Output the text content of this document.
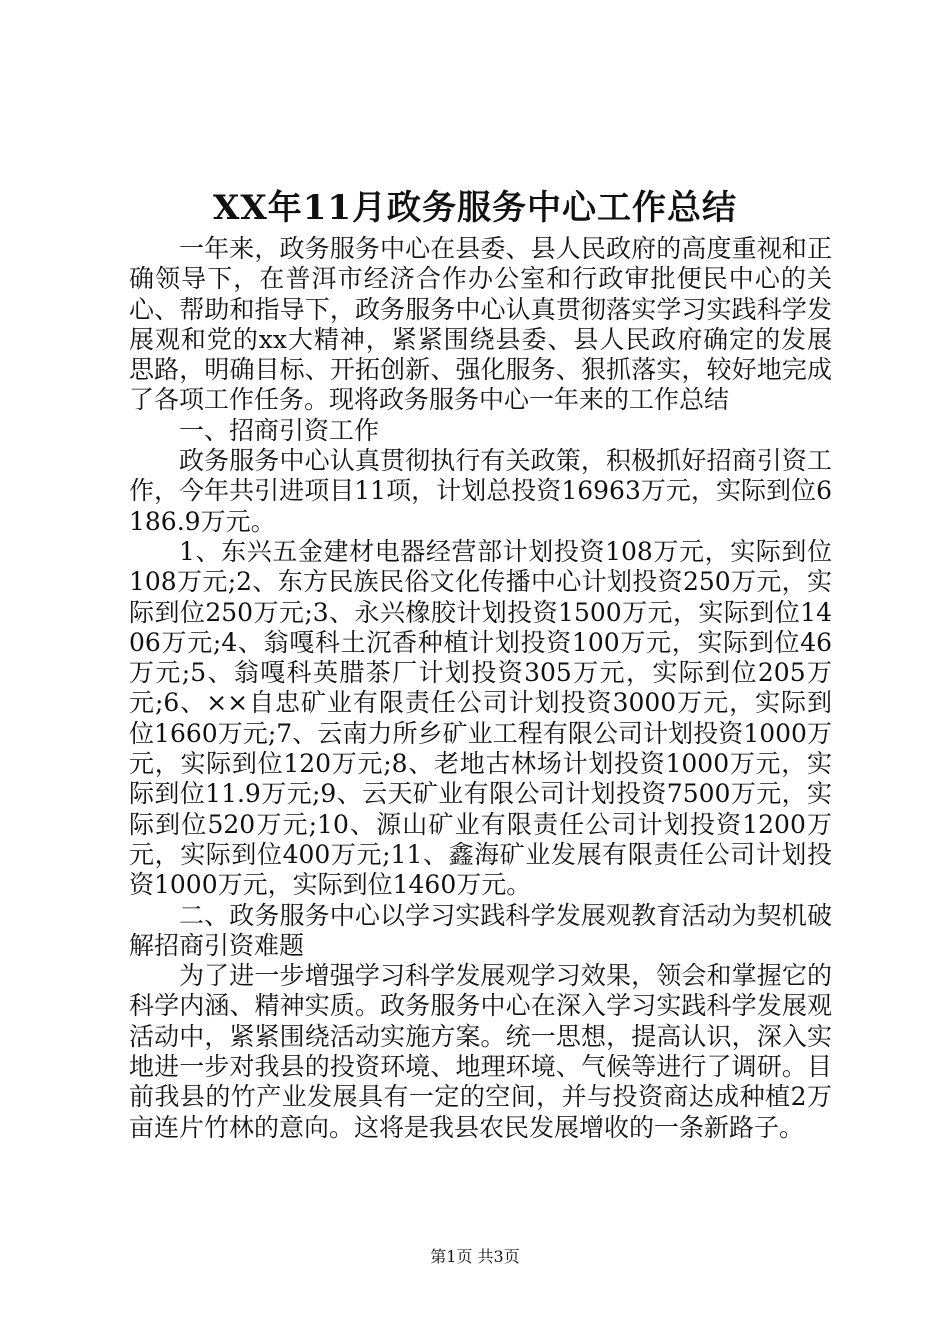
XX年11月政务服务中心工作总结

一年来，政务服务中心在县委、县人民政府的高度重视和正确领导下，在普洱市经济合作办公室和行政审批便民中心的关心、帮助和指导下，政务服务中心认真贯彻落实学习实践科学发展观和党的xx大精神，紧紧围绕县委、县人民政府确定的发展思路，明确目标、开拓创新、强化服务、狠抓落实，较好地完成了各项工作任务。现将政务服务中心一年来的工作总结

一、招商引资工作

政务服务中心认真贯彻执行有关政策，积极抓好招商引资工作，今年共引进项目11项，计划总投资16963万元，实际到位6186.9万元。

1、东兴五金建材电器经营部计划投资108万元，实际到位108万元;2、东方民族民俗文化传播中心计划投资250万元，实际到位250万元;3、永兴橡胶计划投资1500万元，实际到位1406万元;4、翁嘎科土沉香种植计划投资100万元，实际到位46万元;5、翁嘎科英腊茶厂计划投资305万元，实际到位205万元;6、××自忠矿业有限责任公司计划投资3000万元，实际到位1660万元;7、云南力所乡矿业工程有限公司计划投资1000万元，实际到位120万元;8、老地古林场计划投资1000万元，实际到位11.9万元;9、云天矿业有限公司计划投资7500万元，实际到位520万元;10、源山矿业有限责任公司计划投资1200万元，实际到位400万元;11、鑫海矿业发展有限责任公司计划投资1000万元，实际到位1460万元。

二、政务服务中心以学习实践科学发展观教育活动为契机破解招商引资难题

为了进一步增强学习科学发展观学习效果，领会和掌握它的科学内涵、精神实质。政务服务中心在深入学习实践科学发展观活动中，紧紧围绕活动实施方案。统一思想，提高认识，深入实地进一步对我县的投资环境、地理环境、气候等进行了调研。目前我县的竹产业发展具有一定的空间，并与投资商达成种植2万亩连片竹林的意向。这将是我县农民发展增收的一条新路子。

第1页 共3页
